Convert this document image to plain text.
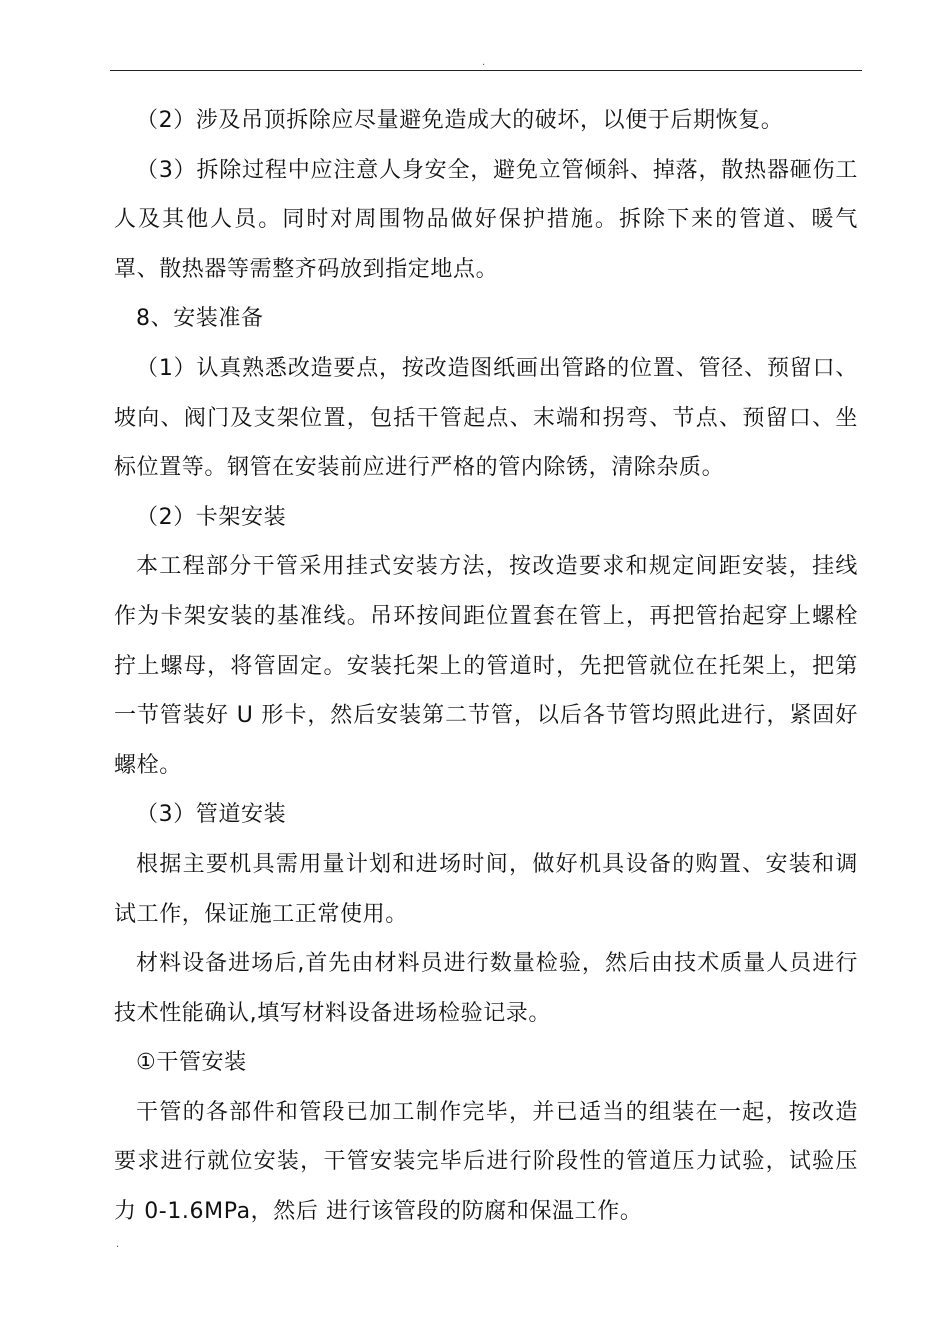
.

（2）涉及吊顶拆除应尽量避免造成大的破坏，以便于后期恢复。

（3）拆除过程中应注意人身安全，避免立管倾斜、掉落，散热器砸伤工人及其他人员。同时对周围物品做好保护措施。拆除下来的管道、暖气罩、散热器等需整齐码放到指定地点。

8、安装准备

（1）认真熟悉改造要点，按改造图纸画出管路的位置、管径、预留口、坡向、阀门及支架位置，包括干管起点、末端和拐弯、节点、预留口、坐标位置等。钢管在安装前应进行严格的管内除锈，清除杂质。

（2）卡架安装

本工程部分干管采用挂式安装方法，按改造要求和规定间距安装，挂线作为卡架安装的基准线。吊环按间距位置套在管上，再把管抬起穿上螺栓拧上螺母，将管固定。安装托架上的管道时，先把管就位在托架上，把第一节管装好 U 形卡，然后安装第二节管，以后各节管均照此进行，紧固好螺栓。

（3）管道安装

根据主要机具需用量计划和进场时间，做好机具设备的购置、安装和调试工作，保证施工正常使用。

材料设备进场后,首先由材料员进行数量检验，然后由技术质量人员进行技术性能确认,填写材料设备进场检验记录。

①干管安装

干管的各部件和管段已加工制作完毕，并已适当的组装在一起，按改造要求进行就位安装，干管安装完毕后进行阶段性的管道压力试验，试验压力 0-1.6MPa，然后 进行该管段的防腐和保温工作。

.
